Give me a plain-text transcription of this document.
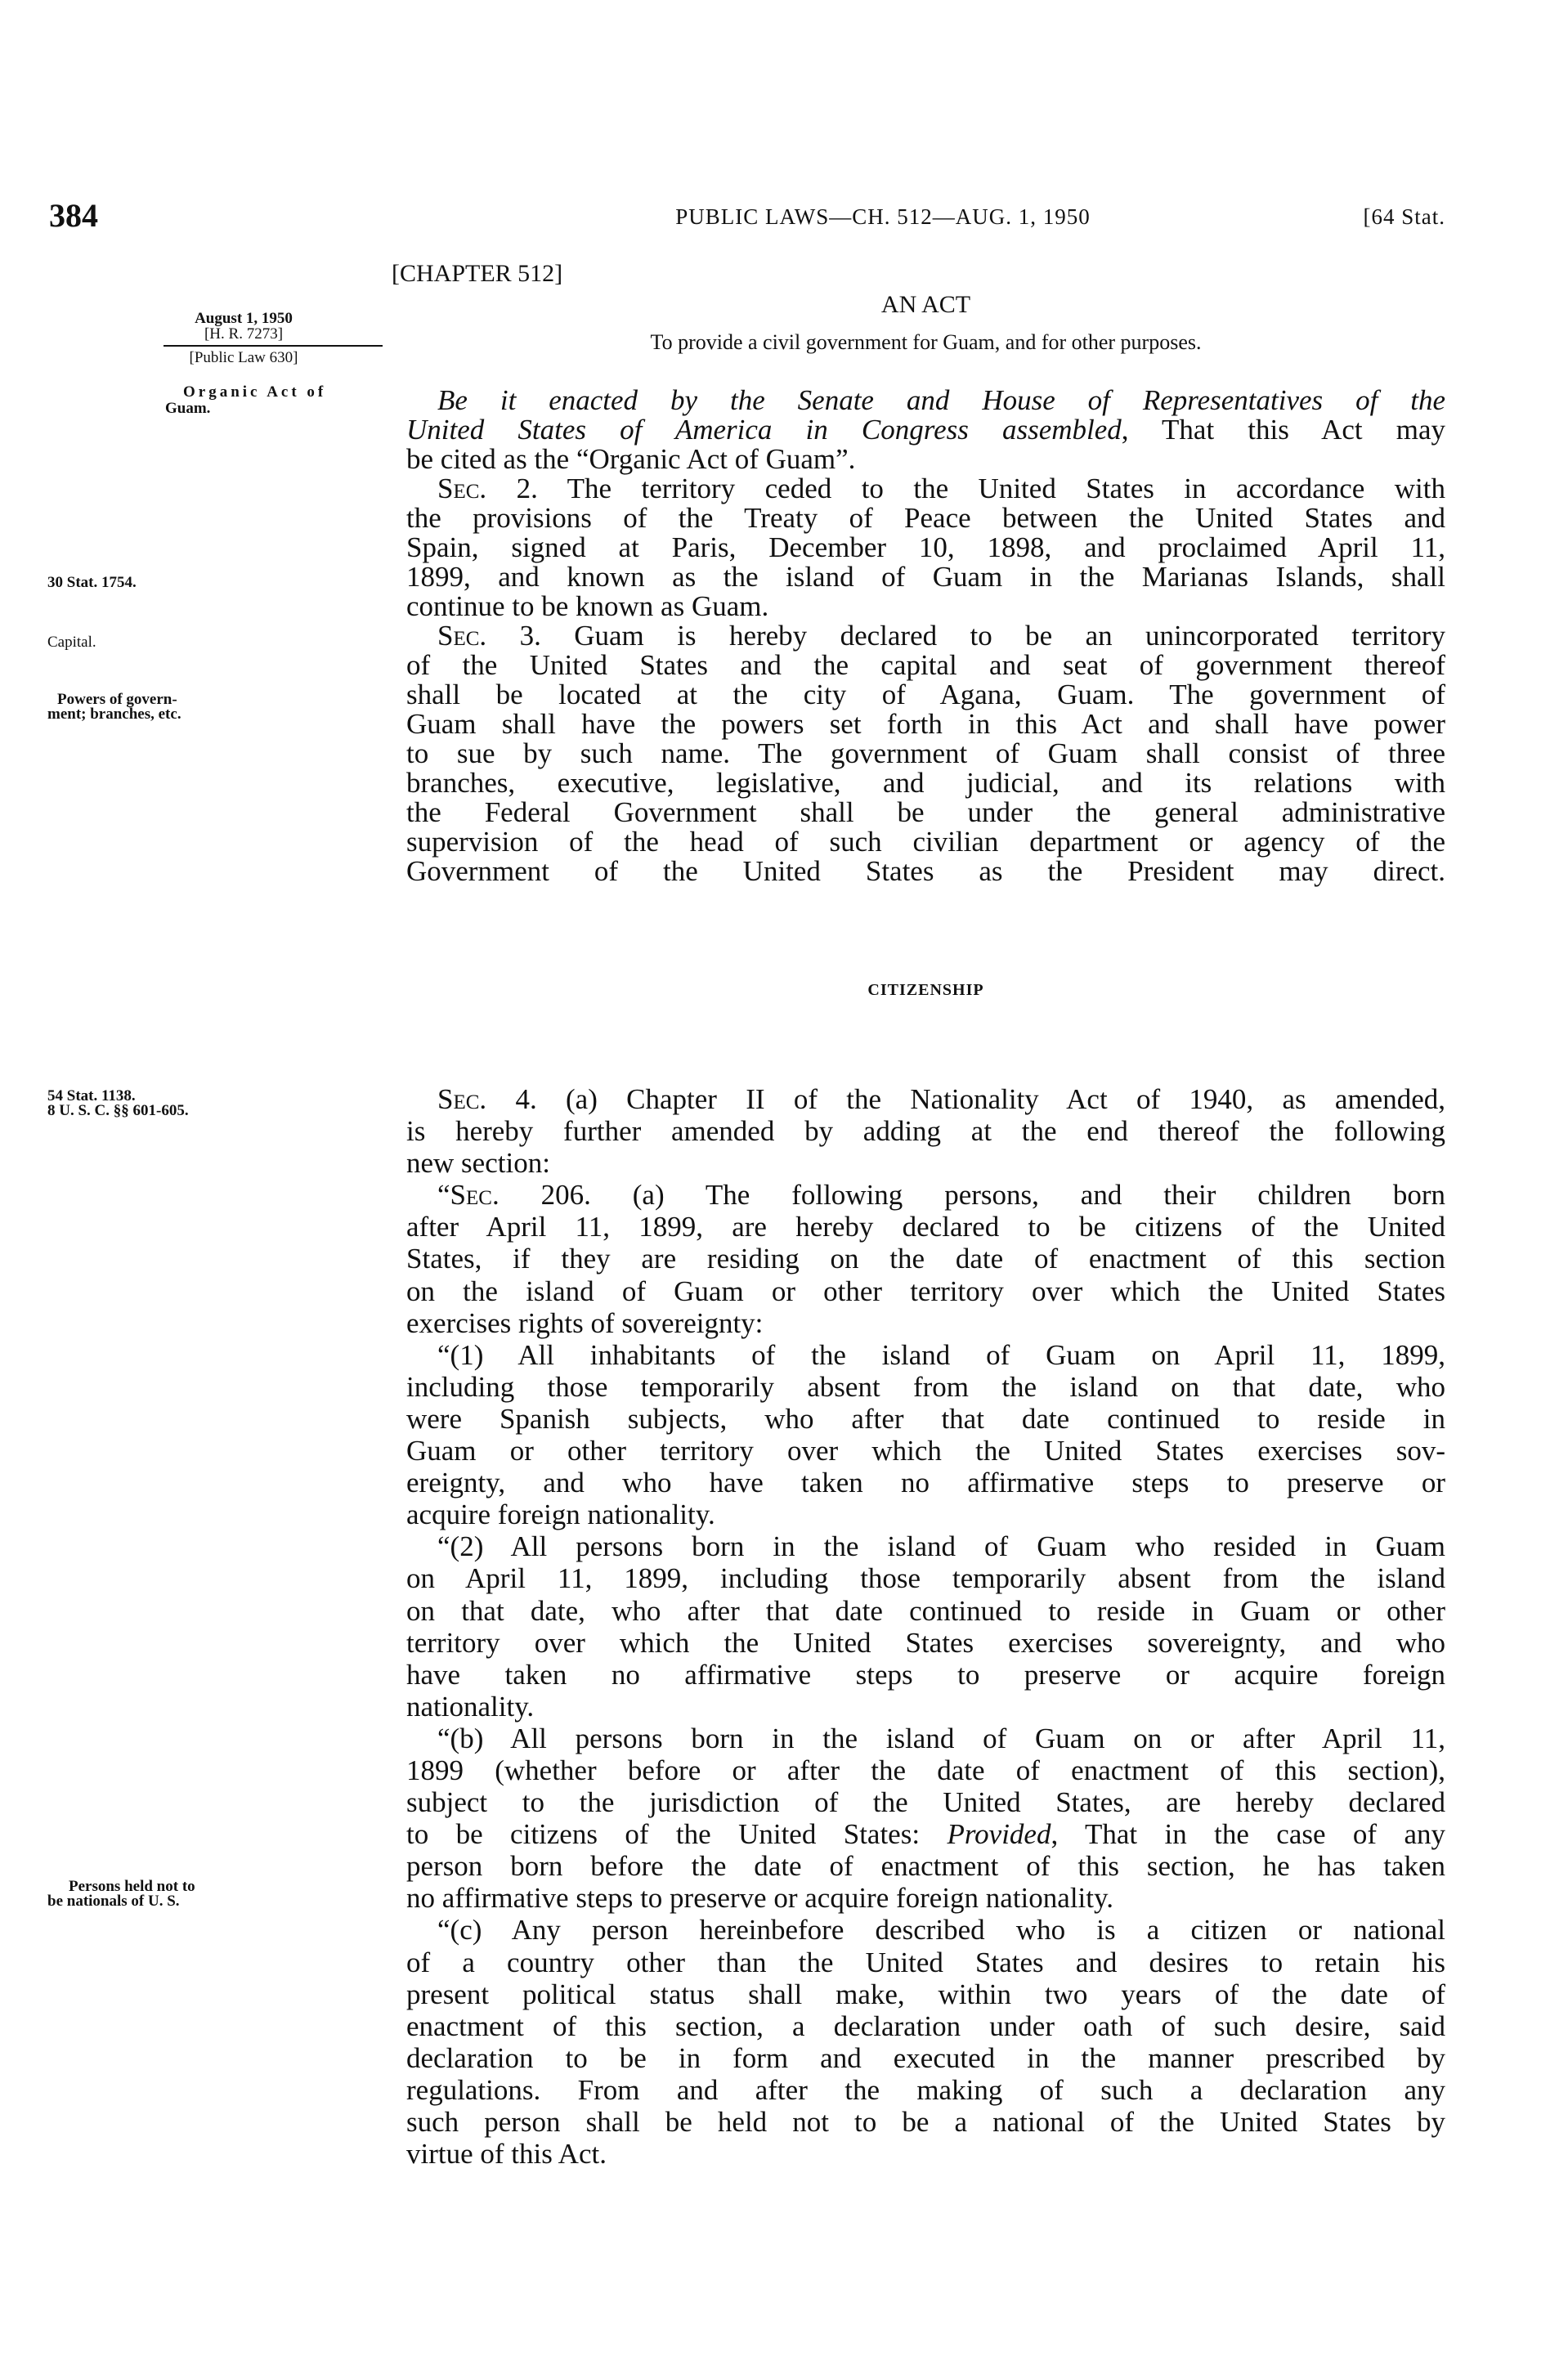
384	PUBLIC LAWS—CH. 512—AUG. 1, 1950	[64 Stat.
[CHAPTER 512]
AN ACT
To provide a civil government for Guam, and for other purposes.
August 1, 1950
[H. R. 7273]
[Public Law 630]
Organic Act of
Guam.
30 Stat. 1754.
Capital.
Powers of govern-
ment; branches, etc.
54 Stat. 1138.
8 U. S. C. §§ 601-605.
Persons held not to
be nationals of U. S.
Be it enacted by the Senate and House of Representatives of the
United States of America in Congress assembled, That this Act may
be cited as the “Organic Act of Guam”.
Sec. 2. The territory ceded to the United States in accordance with
the provisions of the Treaty of Peace between the United States and
Spain, signed at Paris, December 10, 1898, and proclaimed April 11,
1899, and known as the island of Guam in the Marianas Islands, shall
continue to be known as Guam.
Sec. 3. Guam is hereby declared to be an unincorporated territory
of the United States and the capital and seat of government thereof
shall be located at the city of Agana, Guam. The government of
Guam shall have the powers set forth in this Act and shall have power
to sue by such name. The government of Guam shall consist of three
branches, executive, legislative, and judicial, and its relations with
the Federal Government shall be under the general administrative
supervision of the head of such civilian department or agency of the
Government of the United States as the President may direct.
CITIZENSHIP
Sec. 4. (a) Chapter II of the Nationality Act of 1940, as amended,
is hereby further amended by adding at the end thereof the following
new section:
“Sec. 206. (a) The following persons, and their children born
after April 11, 1899, are hereby declared to be citizens of the United
States, if they are residing on the date of enactment of this section
on the island of Guam or other territory over which the United States
exercises rights of sovereignty:
“(1) All inhabitants of the island of Guam on April 11, 1899,
including those temporarily absent from the island on that date, who
were Spanish subjects, who after that date continued to reside in
Guam or other territory over which the United States exercises sov-
ereignty, and who have taken no affirmative steps to preserve or
acquire foreign nationality.
“(2) All persons born in the island of Guam who resided in Guam
on April 11, 1899, including those temporarily absent from the island
on that date, who after that date continued to reside in Guam or other
territory over which the United States exercises sovereignty, and who
have taken no affirmative steps to preserve or acquire foreign
nationality.
“(b) All persons born in the island of Guam on or after April 11,
1899 (whether before or after the date of enactment of this section),
subject to the jurisdiction of the United States, are hereby declared
to be citizens of the United States: Provided, That in the case of any
person born before the date of enactment of this section, he has taken
no affirmative steps to preserve or acquire foreign nationality.
“(c) Any person hereinbefore described who is a citizen or national
of a country other than the United States and desires to retain his
present political status shall make, within two years of the date of
enactment of this section, a declaration under oath of such desire, said
declaration to be in form and executed in the manner prescribed by
regulations. From and after the making of such a declaration any
such person shall be held not to be a national of the United States by
virtue of this Act.
